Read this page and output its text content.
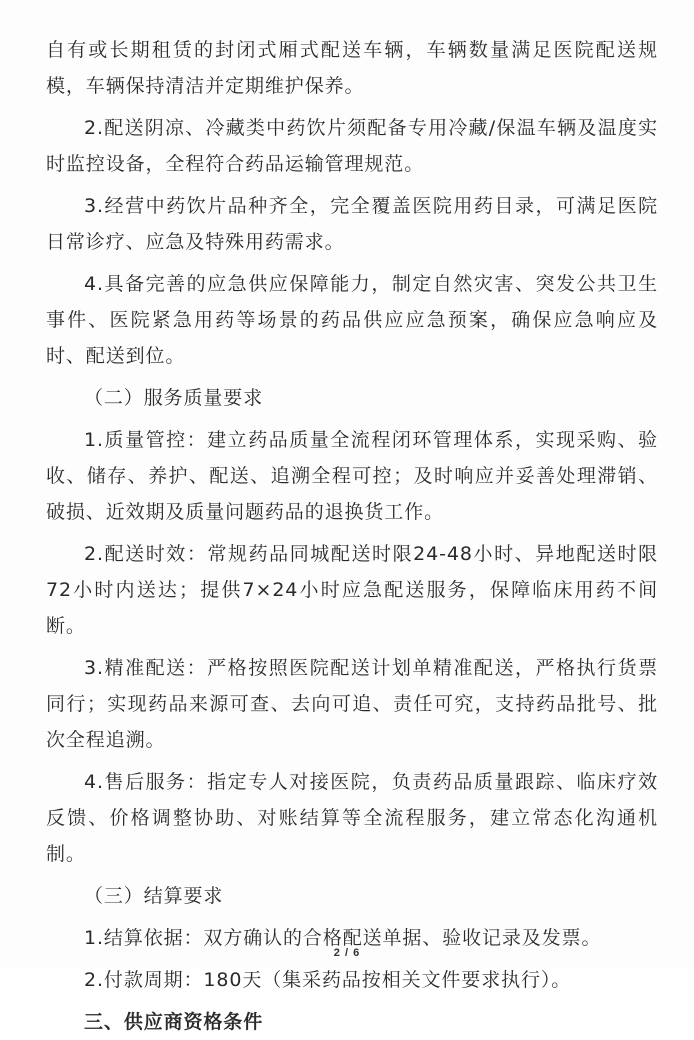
自有或长期租赁的封闭式厢式配送车辆，车辆数量满足医院配送规模，车辆保持清洁并定期维护保养。

2.配送阴凉、冷藏类中药饮片须配备专用冷藏/保温车辆及温度实时监控设备，全程符合药品运输管理规范。

3.经营中药饮片品种齐全，完全覆盖医院用药目录，可满足医院日常诊疗、应急及特殊用药需求。

4.具备完善的应急供应保障能力，制定自然灾害、突发公共卫生事件、医院紧急用药等场景的药品供应应急预案，确保应急响应及时、配送到位。

（二）服务质量要求

1.质量管控：建立药品质量全流程闭环管理体系，实现采购、验收、储存、养护、配送、追溯全程可控；及时响应并妥善处理滞销、破损、近效期及质量问题药品的退换货工作。

2.配送时效：常规药品同城配送时限24-48小时、异地配送时限72小时内送达；提供7×24小时应急配送服务，保障临床用药不间断。

3.精准配送：严格按照医院配送计划单精准配送，严格执行货票同行；实现药品来源可查、去向可追、责任可究，支持药品批号、批次全程追溯。

4.售后服务：指定专人对接医院，负责药品质量跟踪、临床疗效反馈、价格调整协助、对账结算等全流程服务，建立常态化沟通机制。

（三）结算要求

1.结算依据：双方确认的合格配送单据、验收记录及发票。

2.付款周期：180天（集采药品按相关文件要求执行）。

三、供应商资格条件

2 / 6
